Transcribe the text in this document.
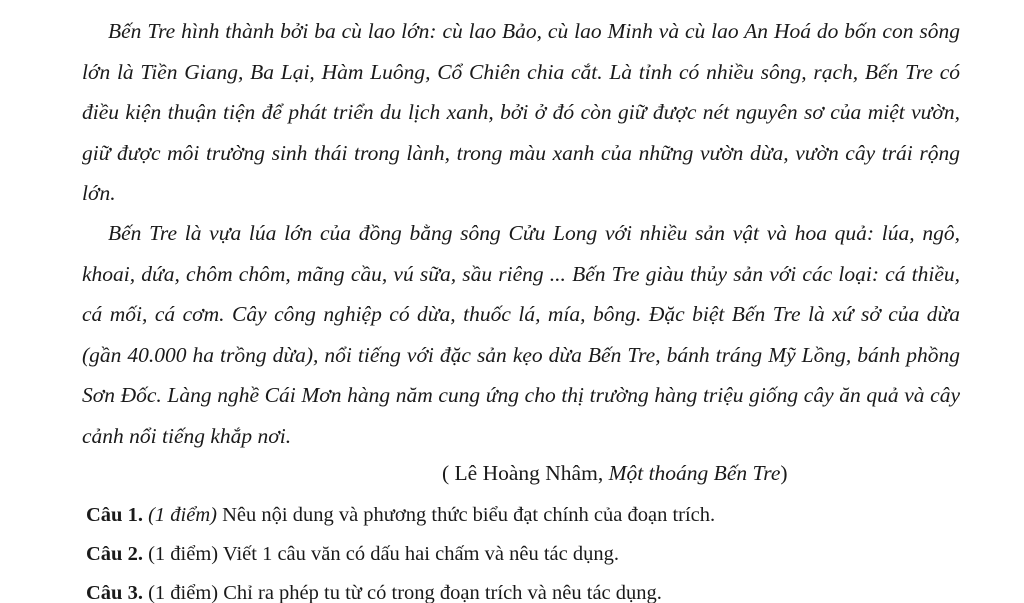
Bến Tre hình thành bởi ba cù lao lớn: cù lao Bảo, cù lao Minh và cù lao An Hoá do bốn con sông lớn là Tiền Giang, Ba Lại, Hàm Luông, Cổ Chiên chia cắt. Là tỉnh có nhiều sông, rạch, Bến Tre có điều kiện thuận tiện để phát triển du lịch xanh, bởi ở đó còn giữ được nét nguyên sơ của miệt vườn, giữ được môi trường sinh thái trong lành, trong màu xanh của những vườn dừa, vườn cây trái rộng lớn.

Bến Tre là vựa lúa lớn của đồng bằng sông Cửu Long với nhiều sản vật và hoa quả: lúa, ngô, khoai, dứa, chôm chôm, mãng cầu, vú sữa, sầu riêng ... Bến Tre giàu thủy sản với các loại: cá thiều, cá mối, cá cơm. Cây công nghiệp có dừa, thuốc lá, mía, bông. Đặc biệt Bến Tre là xứ sở của dừa (gần 40.000 ha trồng dừa), nổi tiếng với đặc sản kẹo dừa Bến Tre, bánh tráng Mỹ Lồng, bánh phồng Sơn Đốc. Làng nghề Cái Mơn hàng năm cung ứng cho thị trường hàng triệu giống cây ăn quả và cây cảnh nổi tiếng khắp nơi.

( Lê Hoàng Nhâm, Một thoáng Bến Tre)
Câu 1. (1 điểm) Nêu nội dung và phương thức biểu đạt chính của đoạn trích.
Câu 2. (1 điểm) Viết 1 câu văn có dấu hai chấm và nêu tác dụng.
Câu 3. (1 điểm) Chỉ ra phép tu từ có trong đoạn trích và nêu tác dụng.
